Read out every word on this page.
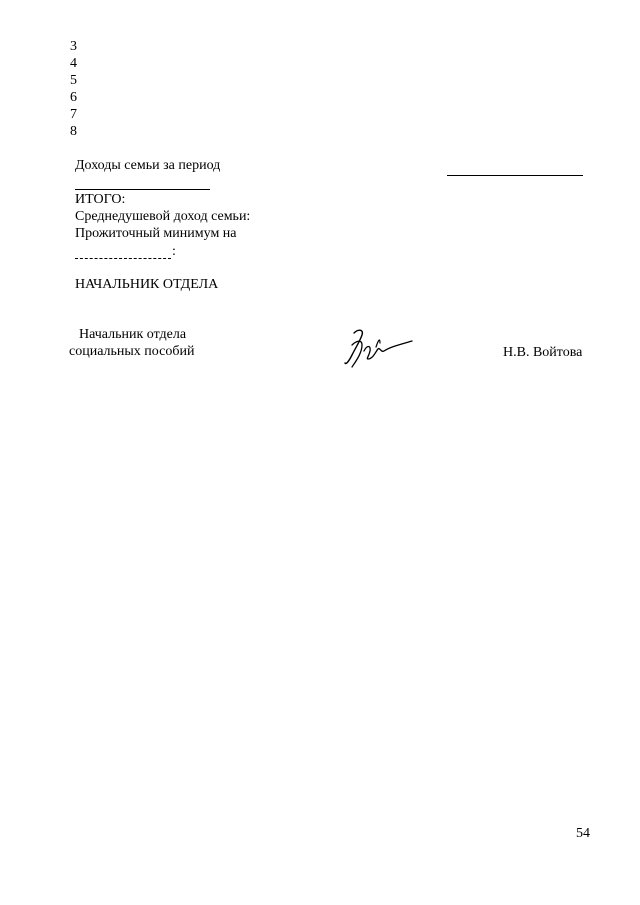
3
4
5
6
7
8
Доходы семьи за период
ИТОГО:
Среднедушевой доход семьи:
Прожиточный минимум на
:
НАЧАЛЬНИК ОТДЕЛА
Начальник отдела
социальных пособий	Н.В. Войтова
54
